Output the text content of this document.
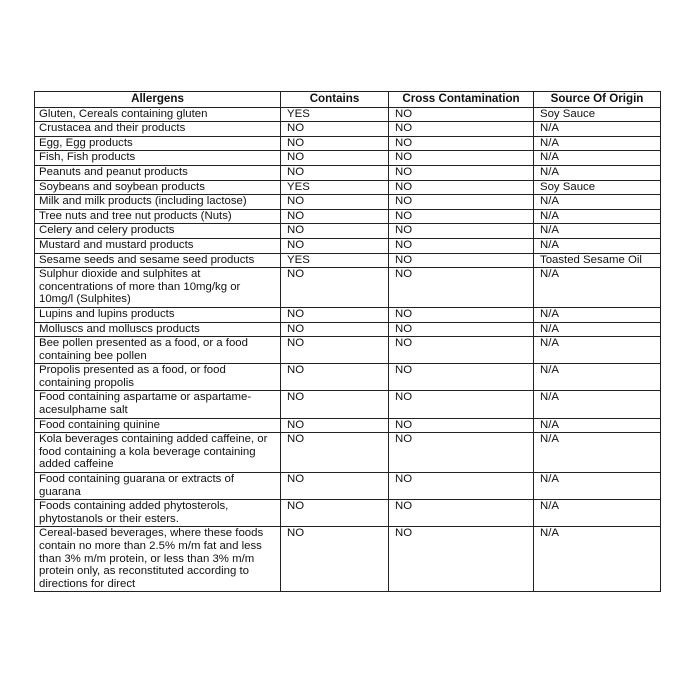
Allergens	Contains	Cross Contamination	Source Of Origin
Gluten, Cereals containing gluten	YES	NO	Soy Sauce
Crustacea and their products	NO	NO	N/A
Egg, Egg products	NO	NO	N/A
Fish, Fish products	NO	NO	N/A
Peanuts and peanut products	NO	NO	N/A
Soybeans and soybean products	YES	NO	Soy Sauce
Milk and milk products (including lactose)	NO	NO	N/A
Tree nuts and tree nut products (Nuts)	NO	NO	N/A
Celery and celery products	NO	NO	N/A
Mustard and mustard products	NO	NO	N/A
Sesame seeds and sesame seed products	YES	NO	Toasted Sesame Oil
Sulphur dioxide and sulphites at concentrations of more than 10mg/kg or 10mg/l (Sulphites)	NO	NO	N/A
Lupins and lupins products	NO	NO	N/A
Molluscs and molluscs products	NO	NO	N/A
Bee pollen presented as a food, or a food containing bee pollen	NO	NO	N/A
Propolis presented as a food, or food containing propolis	NO	NO	N/A
Food containing aspartame or aspartame-acesulphame salt	NO	NO	N/A
Food containing quinine	NO	NO	N/A
Kola beverages containing added caffeine, or food containing a kola beverage containing added caffeine	NO	NO	N/A
Food containing guarana or extracts of guarana	NO	NO	N/A
Foods containing added phytosterols, phytostanols or their esters.	NO	NO	N/A
Cereal-based beverages, where these foods contain no more than 2.5% m/m fat and less than 3% m/m protein, or less than 3% m/m protein only, as reconstituted according to directions for direct	NO	NO	N/A
